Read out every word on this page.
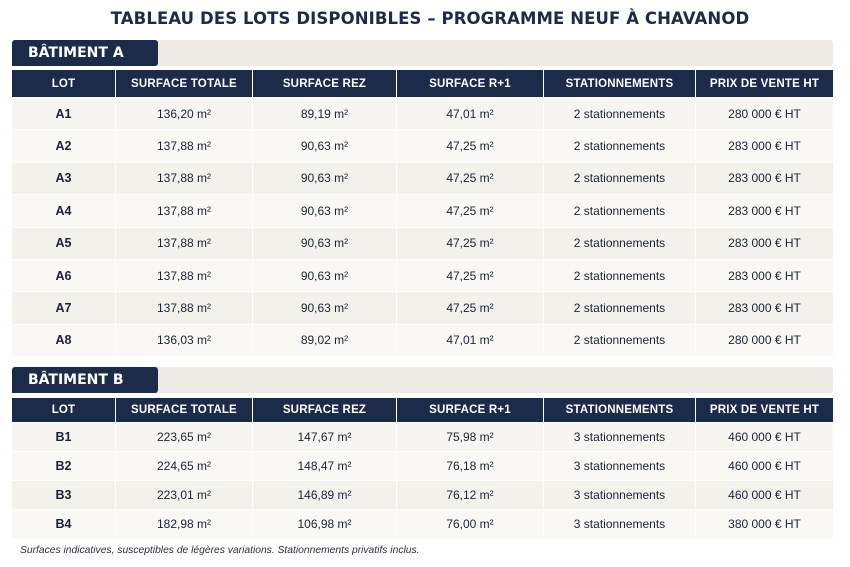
TABLEAU DES LOTS DISPONIBLES – PROGRAMME NEUF À CHAVANOD
BÂTIMENT A
LOT	SURFACE TOTALE	SURFACE REZ	SURFACE R+1	STATIONNEMENTS	PRIX DE VENTE HT
A1	136,20 m²	89,19 m²	47,01 m²	2 stationnements	280 000 € HT
A2	137,88 m²	90,63 m²	47,25 m²	2 stationnements	283 000 € HT
A3	137,88 m²	90,63 m²	47,25 m²	2 stationnements	283 000 € HT
A4	137,88 m²	90,63 m²	47,25 m²	2 stationnements	283 000 € HT
A5	137,88 m²	90,63 m²	47,25 m²	2 stationnements	283 000 € HT
A6	137,88 m²	90,63 m²	47,25 m²	2 stationnements	283 000 € HT
A7	137,88 m²	90,63 m²	47,25 m²	2 stationnements	283 000 € HT
A8	136,03 m²	89,02 m²	47,01 m²	2 stationnements	280 000 € HT
BÂTIMENT B
LOT	SURFACE TOTALE	SURFACE REZ	SURFACE R+1	STATIONNEMENTS	PRIX DE VENTE HT
B1	223,65 m²	147,67 m²	75,98 m²	3 stationnements	460 000 € HT
B2	224,65 m²	148,47 m²	76,18 m²	3 stationnements	460 000 € HT
B3	223,01 m²	146,89 m²	76,12 m²	3 stationnements	460 000 € HT
B4	182,98 m²	106,98 m²	76,00 m²	3 stationnements	380 000 € HT
Surfaces indicatives, susceptibles de légères variations. Stationnements privatifs inclus.
